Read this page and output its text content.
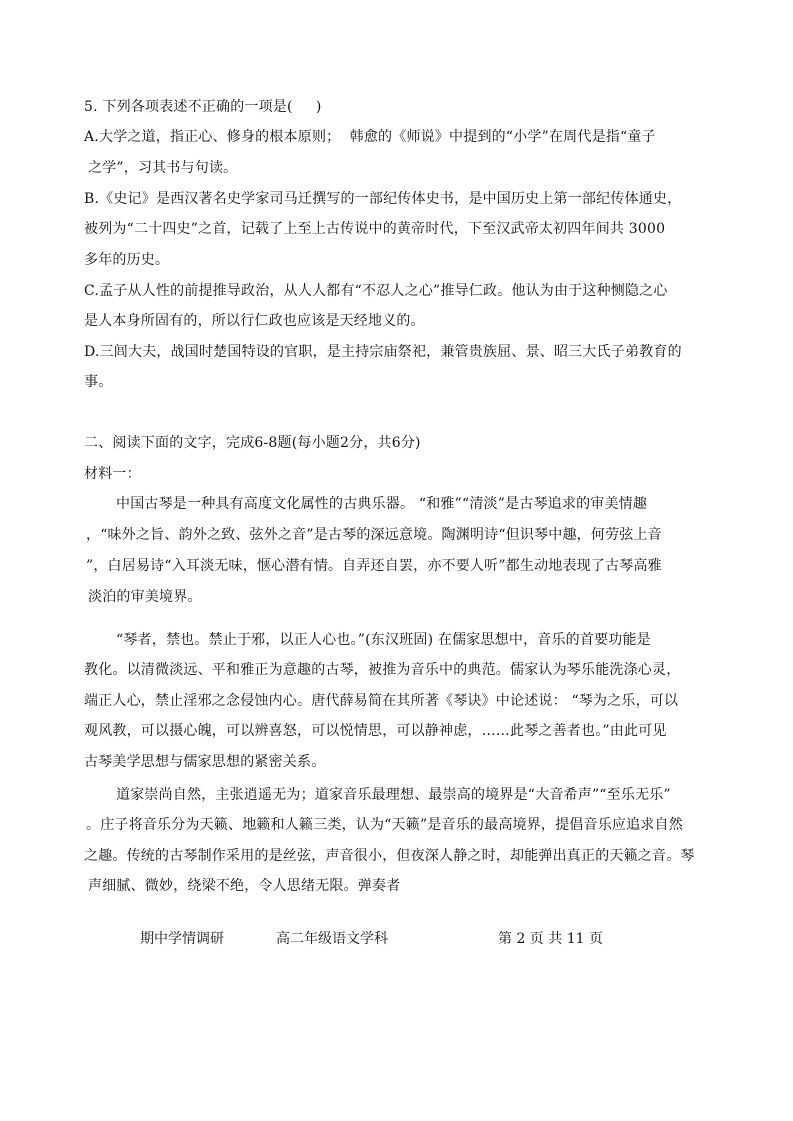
5. 下列各项表述不正确的一项是(     )
A.大学之道，指正心、修身的根本原则；  韩愈的《师说》中提到的“小学”在周代是指“童子
之学”，习其书与句读。
B.《史记》是西汉著名史学家司马迁撰写的一部纪传体史书，是中国历史上第一部纪传体通史，
被列为“二十四史”之首，记载了上至上古传说中的黄帝时代，下至汉武帝太初四年间共 3000
多年的历史。
C.孟子从人性的前提推导政治，从人人都有“不忍人之心”推导仁政。他认为由于这种恻隐之心
是人本身所固有的，所以行仁政也应该是天经地义的。
D.三闾大夫，战国时楚国特设的官职，是主持宗庙祭祀，兼管贵族屈、景、昭三大氏子弟教育的
事。
二、阅读下面的文字，完成6-8题(每小题2分，共6分)
材料一：
中国古琴是一种具有高度文化属性的古典乐器。 “和雅”“清淡”是古琴追求的审美情趣
，“味外之旨、韵外之致、弦外之音”是古琴的深远意境。陶渊明诗“但识琴中趣，何劳弦上音
”，白居易诗“入耳淡无味，惬心潜有情。自弄还自罢，亦不要人听”都生动地表现了古琴高雅
淡泊的审美境界。
“琴者，禁也。禁止于邪，以正人心也。”(东汉班固) 在儒家思想中，音乐的首要功能是
教化。以清微淡远、平和雅正为意趣的古琴，被推为音乐中的典范。儒家认为琴乐能洗涤心灵，
端正人心，禁止淫邪之念侵蚀内心。唐代薛易简在其所著《琴诀》中论述说： “琴为之乐，可以
观风教，可以摄心魄，可以辨喜怒，可以悦情思，可以静神虑，……此琴之善者也。”由此可见
古琴美学思想与儒家思想的紧密关系。
道家崇尚自然，主张逍遥无为；道家音乐最理想、最崇高的境界是“大音希声”“至乐无乐”
。庄子将音乐分为天籁、地籁和人籁三类，认为“天籁”是音乐的最高境界，提倡音乐应追求自然
之趣。传统的古琴制作采用的是丝弦，声音很小，但夜深人静之时，却能弹出真正的天籁之音。琴
声细腻、微妙，绕梁不绝，令人思绪无限。弹奏者
期中学情调研	高二年级语文学科	第 2 页 共 11 页
